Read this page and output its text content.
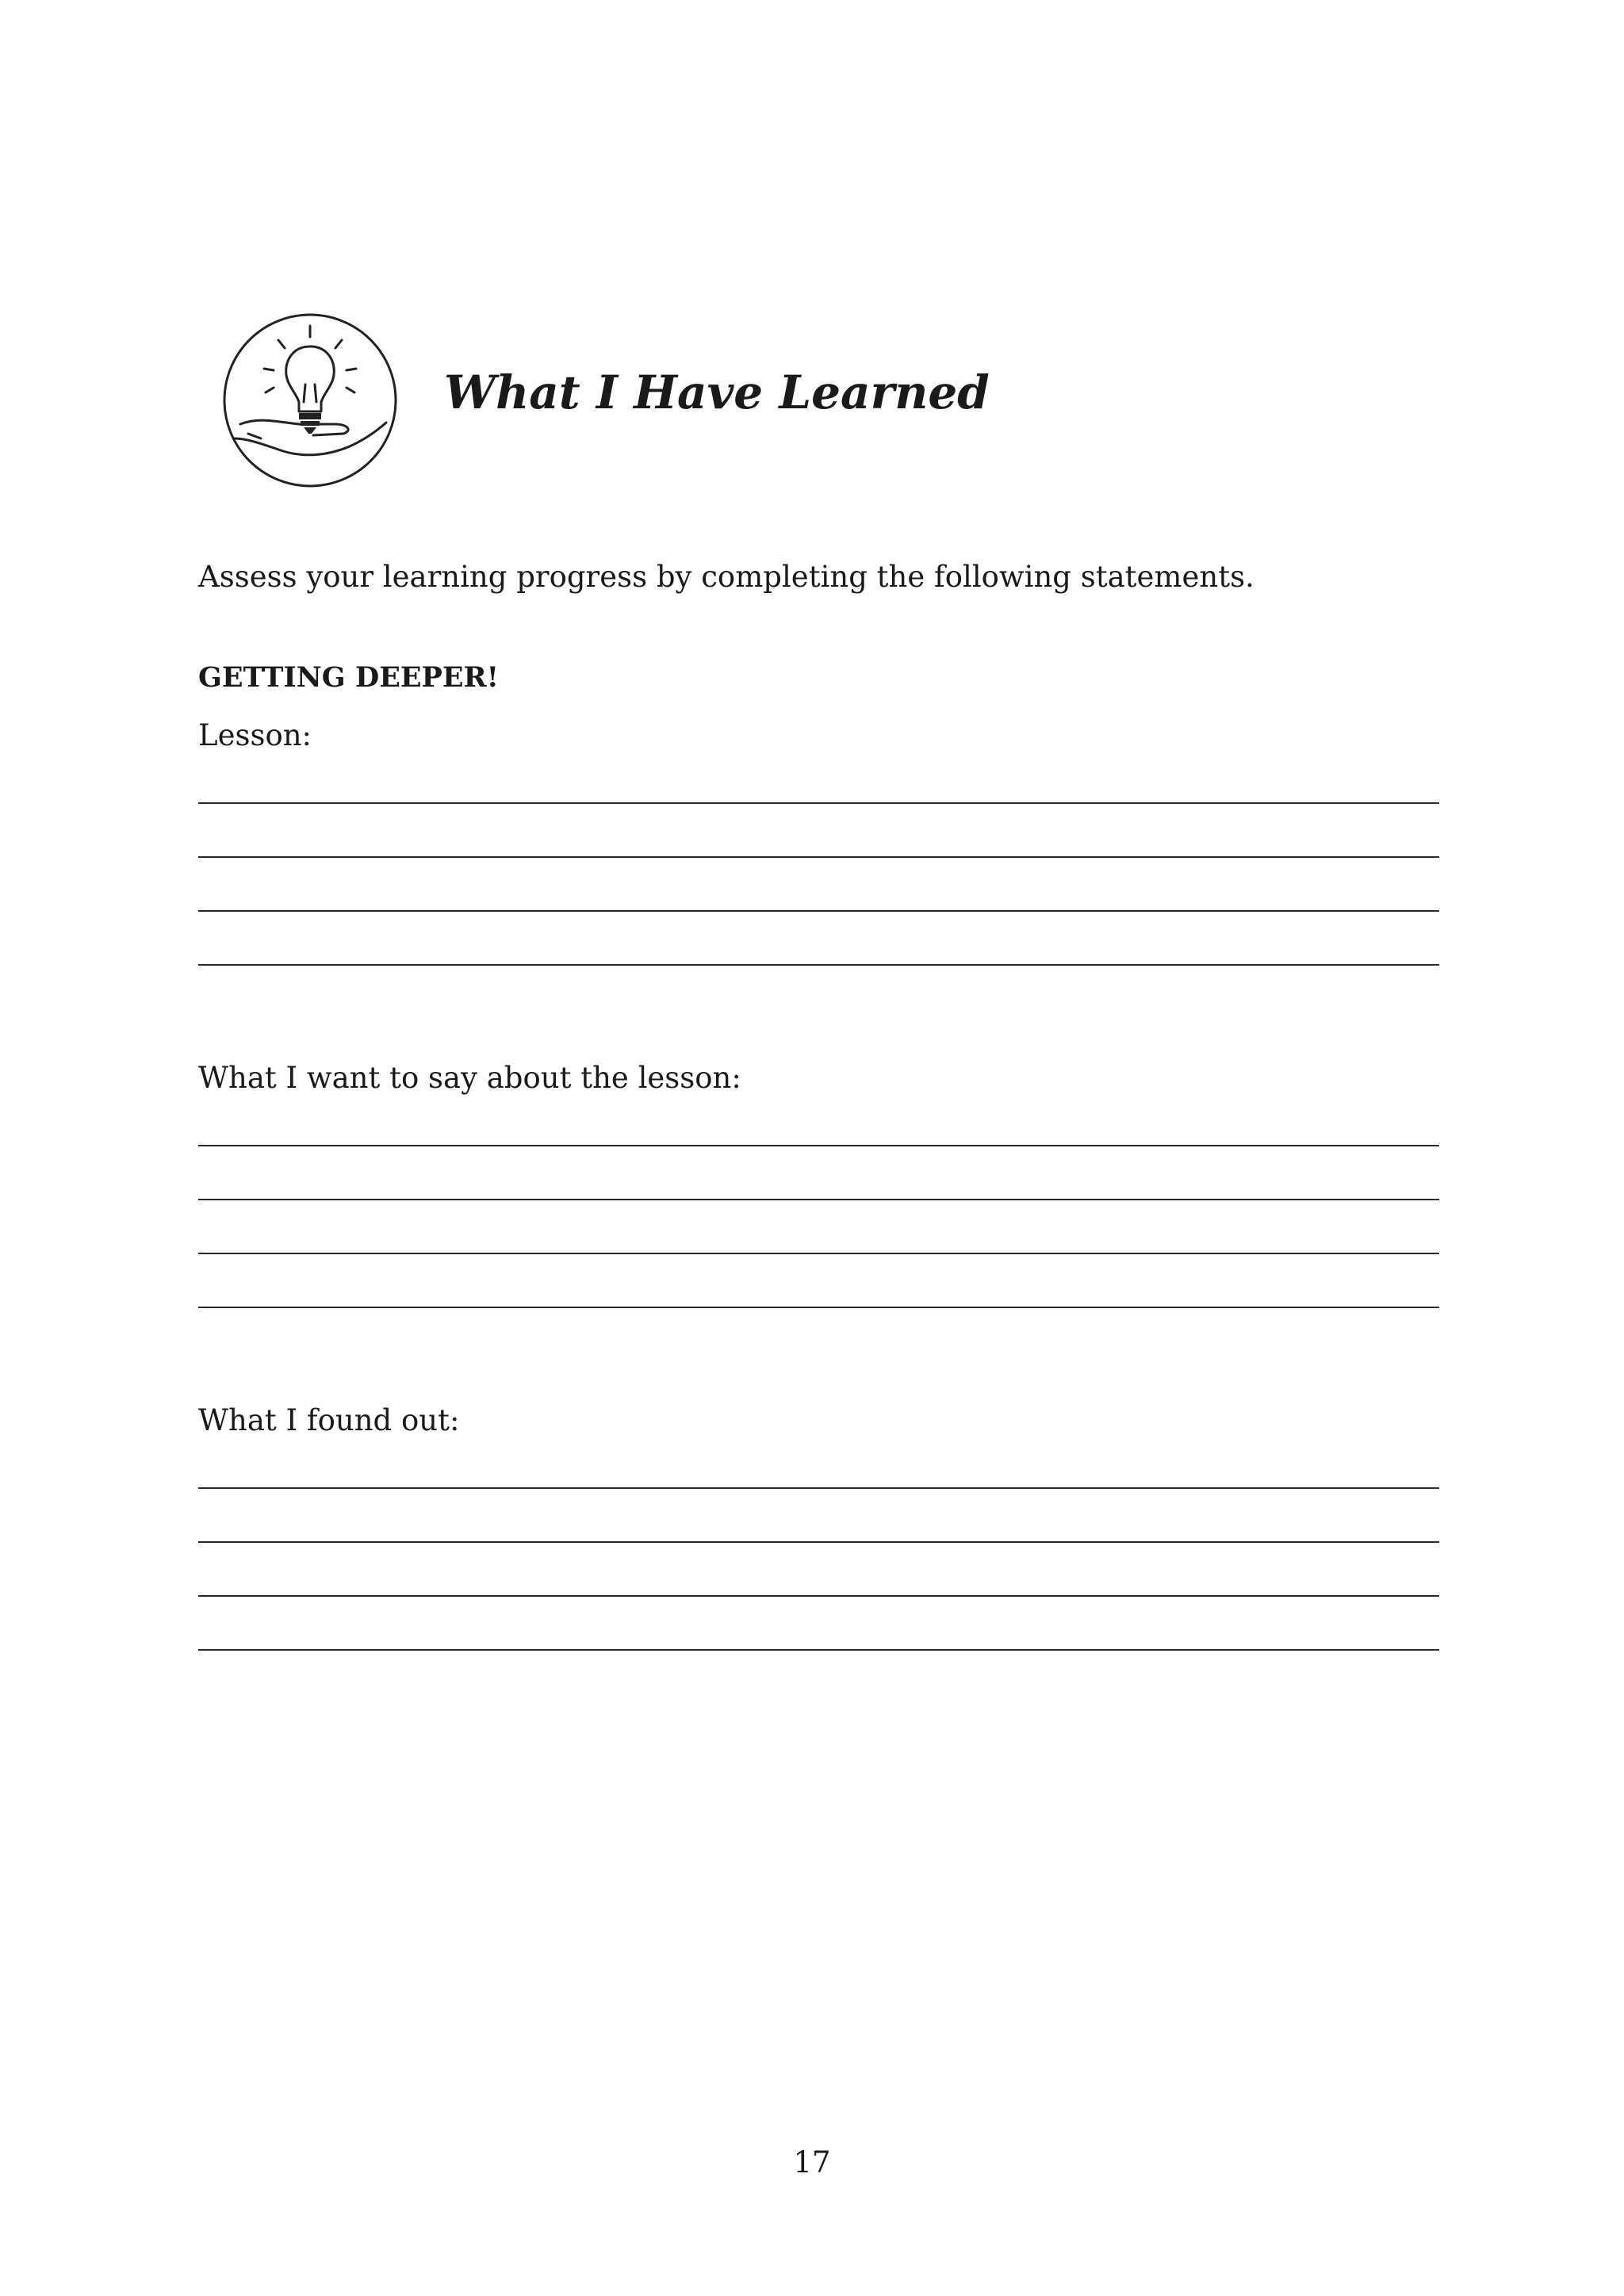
What I Have Learned

Assess your learning progress by completing the following statements.

GETTING DEEPER!

Lesson:

What I want to say about the lesson:

What I found out:

17
